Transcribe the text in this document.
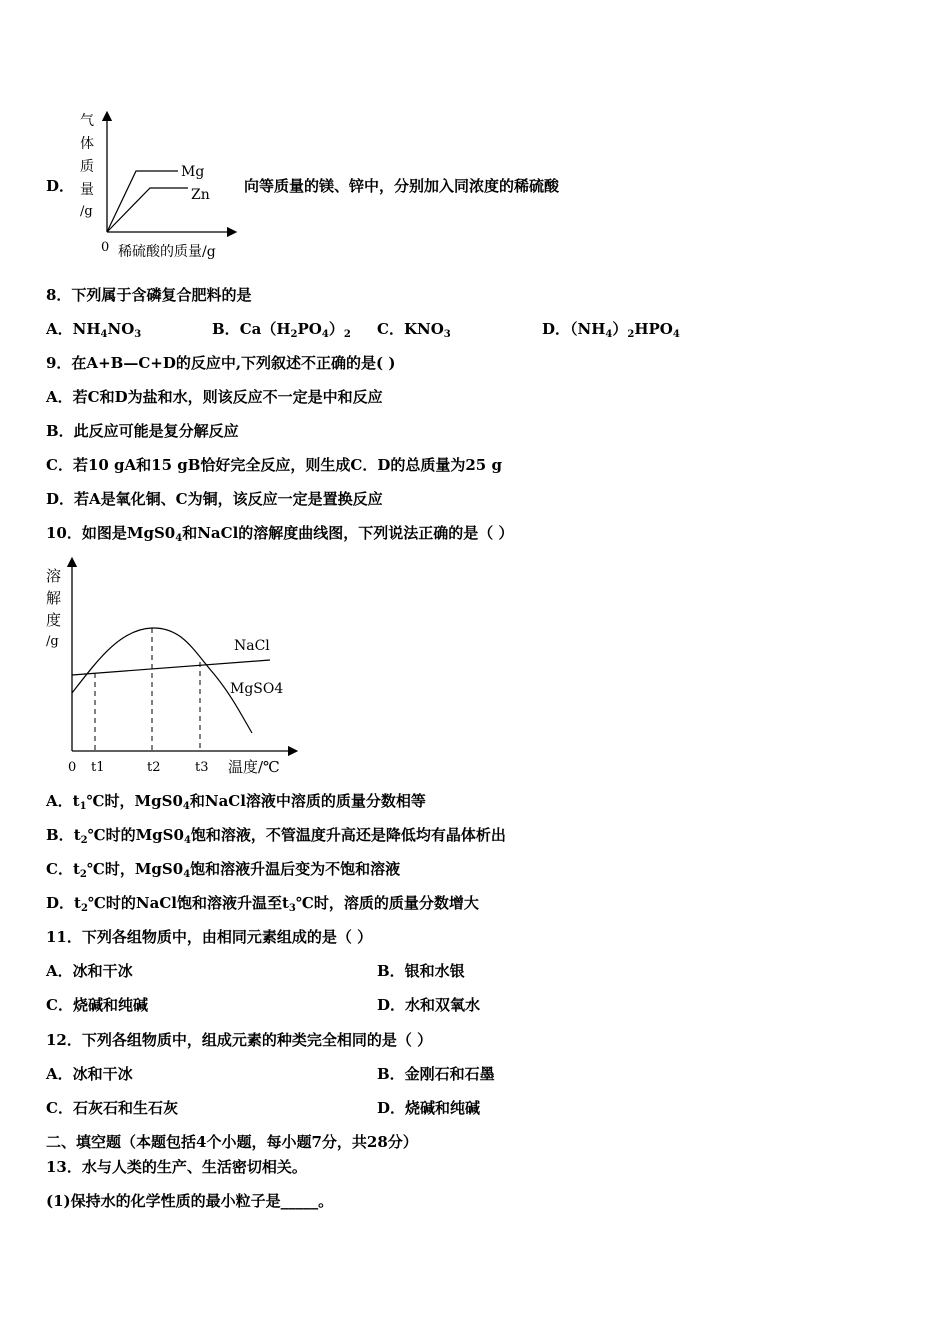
D．
气
体
质
量
/g
Mg
Zn
0 稀硫酸的质量/g
向等质量的镁、锌中，分别加入同浓度的稀硫酸
8．下列属于含磷复合肥料的是
A．$NH_4NO_3$	B．$Ca(H_2PO_4)_2$ C．$KNO_3$	D．$(NH_4)_2HPO_4$
9．在A+B—C+D的反应中,下列叙述不正确的是( )
A．若C和D为盐和水，则该反应不一定是中和反应
B．此反应可能是复分解反应
C．若10 gA和15 gB恰好完全反应，则生成C．D的总质量为25 g
D．若A是氧化铜、C为铜，该反应一定是置换反应
10．如图是$MgS0_4$和NaCl的溶解度曲线图，下列说法正确的是（ ）
溶
解
度
/g	NaCl
MgSO4
0 t1	t2	t3 温度/℃
A．$t_1℃$时，$MgS0_4$和NaCl溶液中溶质的质量分数相等
B．$t_2℃$时的$MgS0_4$饱和溶液，不管温度升高还是降低均有晶体析出
C．$t_2℃$时，$MgS0_4$饱和溶液升温后变为不饱和溶液
D．$t_2℃$时的NaCl饱和溶液升温至$t_3℃$时，溶质的质量分数增大
11．下列各组物质中，由相同元素组成的是（ ）
A．冰和干冰	B．银和水银
C．烧碱和纯碱	D．水和双氧水
12．下列各组物质中，组成元素的种类完全相同的是（ ）
A．冰和干冰	B．金刚石和石墨
C．石灰石和生石灰	D．烧碱和纯碱
二、填空题（本题包括4个小题，每小题7分，共28分）
13．水与人类的生产、生活密切相关。
(1)保持水的化学性质的最小粒子是_____。
